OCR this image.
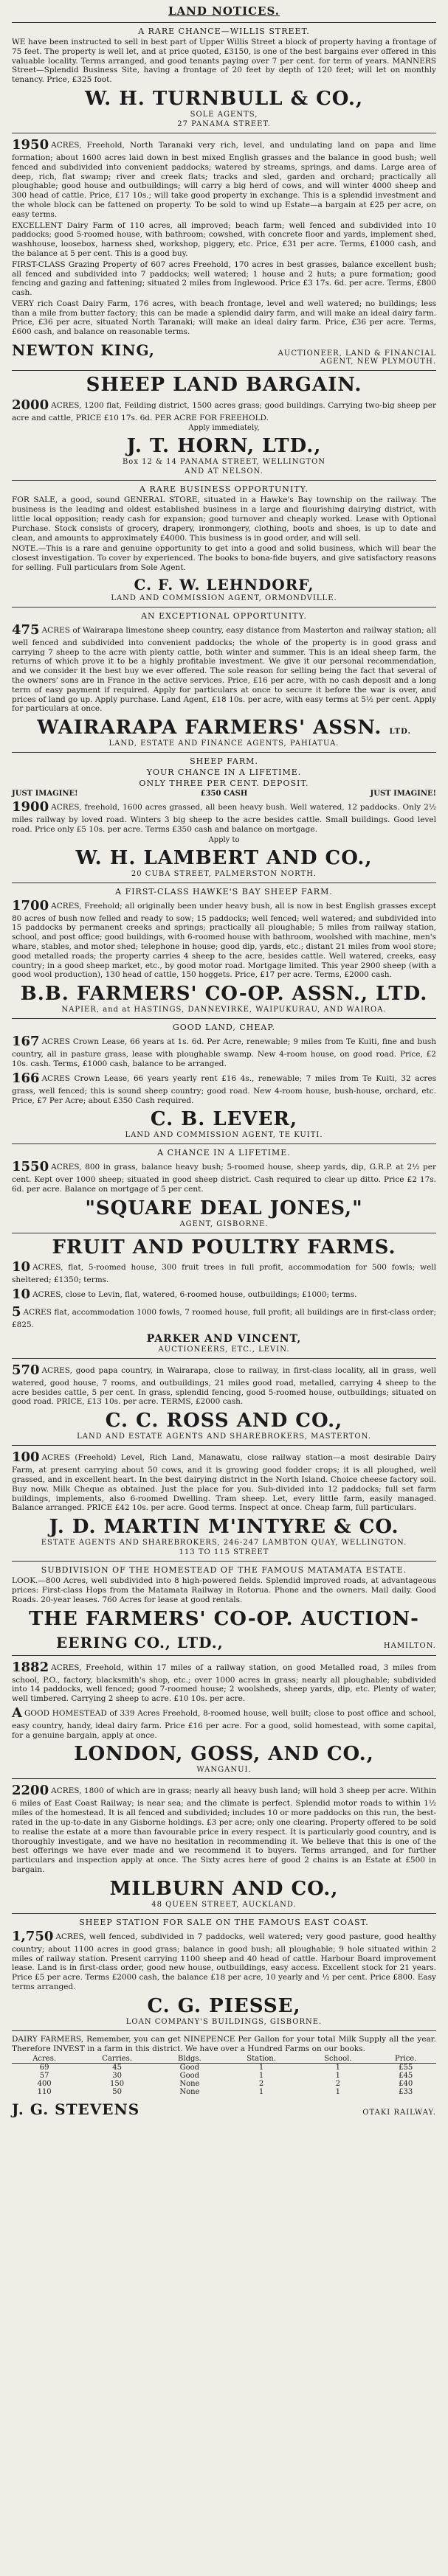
LAND NOTICES.
A RARE CHANCE—WILLIS STREET.
WE have been instructed to sell in best part of Upper Willis Street a block of property having a frontage of 75 feet. The property is well let, and at price quoted, £3150, is one of the best bargains ever offered in this valuable locality. Terms arranged, and good tenants paying over 7 per cent. for term of years. MANNERS Street—Splendid Business Site, having a frontage of 20 feet by depth of 120 feet; will let on monthly tenancy. Price, £325 foot.
W. H. TURNBULL & CO.,
SOLE AGENTS,
27 PANAMA STREET.
1950 ACRES, Freehold, North Taranaki very rich, level, and undulating land on papa and lime formation; about 1600 acres laid down in best mixed English grasses and the balance in good bush; well fenced and subdivided into convenient paddocks; watered by streams, springs, and dams. Large area of deep, rich, flat swamp; river and creek flats; tracks and sled, garden and orchard; practically all ploughable; good house and outbuildings; will carry a big herd of cows, and will winter 4000 sheep and 300 head of cattle. Price, £17 10s.; will take good property in exchange. This is a splendid investment and the whole block can be fattened on property. To be sold to wind up Estate—a bargain at £25 per acre, on easy terms.
EXCELLENT Dairy Farm of 110 acres, all improved; beach farm; well fenced and subdivided into 10 paddocks; good 5-roomed house, with bathroom; cowshed, with concrete floor and yards, implement shed, washhouse, loosebox, harness shed, workshop, piggery, etc. Price, £31 per acre. Terms, £1000 cash, and the balance at 5 per cent. This is a good buy.
FIRST-CLASS Grazing Property of 607 acres Freehold, 170 acres in best grasses, balance excellent bush; all fenced and subdivided into 7 paddocks; well watered; 1 house and 2 huts; a pure formation; good fencing and gazing and fattening; situated 2 miles from Inglewood. Price £3 17s. 6d. per acre. Terms, £800 cash.
VERY rich Coast Dairy Farm, 176 acres, with beach frontage, level and well watered; no buildings; less than a mile from butter factory; this can be made a splendid dairy farm, and will make an ideal dairy farm. Price, £36 per acre, situated North Taranaki; will make an ideal dairy farm. Price, £36 per acre. Terms, £600 cash, and balance on reasonable terms.
NEWTON KING,	AUCTIONEER, LAND & FINANCIAL
AGENT, NEW PLYMOUTH.
SHEEP LAND BARGAIN.
2000 ACRES, 1200 flat, Feilding district, 1500 acres grass; good buildings. Carrying two-big sheep per acre and cattle, PRICE £10 17s. 6d. PER ACRE FOR FREEHOLD.
Apply immediately,
J. T. HORN, LTD.,
Box 12 & 14 PANAMA STREET, WELLINGTON
AND AT NELSON.
A RARE BUSINESS OPPORTUNITY.
FOR SALE, a good, sound GENERAL STORE, situated in a Hawke's Bay township on the railway. The business is the leading and oldest established business in a large and flourishing dairying district, with little local opposition; ready cash for expansion; good turnover and cheaply worked. Lease with Optional Purchase. Stock consists of grocery, drapery, ironmongery, clothing, boots and shoes, is up to date and clean, and amounts to approximately £4000. This business is in good order, and will sell.
NOTE.—This is a rare and genuine opportunity to get into a good and solid business, which will bear the closest investigation. To cover by experienced. The books to bona-fide buyers, and give satisfactory reasons for selling. Full particulars from Sole Agent.
C. F. W. LEHNDORF,
LAND AND COMMISSION AGENT, ORMONDVILLE.
AN EXCEPTIONAL OPPORTUNITY.
475 ACRES of Wairarapa limestone sheep country, easy distance from Masterton and railway station; all well fenced and subdivided into convenient paddocks; the whole of the property is in good grass and carrying 7 sheep to the acre with plenty cattle, both winter and summer. This is an ideal sheep farm, the returns of which prove it to be a highly profitable investment. We give it our personal recommendation, and we consider it the best buy we ever offered. The sole reason for selling being the fact that several of the owners' sons are in France in the active services. Price, £16 per acre, with no cash deposit and a long term of easy payment if required. Apply for particulars at once to secure it before the war is over, and prices of land go up. Apply purchase. Land Agent, £18 10s. per acre, with easy terms at 5½ per cent. Apply for particulars at once.
WAIRARAPA FARMERS' ASSN. LTD.
LAND, ESTATE AND FINANCE AGENTS, PAHIATUA.
SHEEP FARM.
YOUR CHANCE IN A LIFETIME.
ONLY THREE PER CENT. DEPOSIT.
JUST IMAGINE!	£350 CASH	JUST IMAGINE!
1900 ACRES, freehold, 1600 acres grassed, all been heavy bush. Well watered, 12 paddocks. Only 2½ miles railway by loved road. Winters 3 big sheep to the acre besides cattle. Small buildings. Good level road. Price only £5 10s. per acre. Terms £350 cash and balance on mortgage.
Apply to
W. H. LAMBERT AND CO.,
20 CUBA STREET, PALMERSTON NORTH.
A FIRST-CLASS HAWKE'S BAY SHEEP FARM.
1700 ACRES, Freehold; all originally been under heavy bush, all is now in best English grasses except 80 acres of bush now felled and ready to sow; 15 paddocks; well fenced; well watered; and subdivided into 15 paddocks by permanent creeks and springs; practically all ploughable; 5 miles from railway station, school, and post office; good buildings, with 6-roomed house with bathroom, woolshed with machine, men's whare, stables, and motor shed; telephone in house; good dip, yards, etc.; distant 21 miles from wool store; good metalled roads; the property carries 4 sheep to the acre, besides cattle. Well watered, creeks, easy country; in a good sheep market, etc., by good motor road. Mortgage limited. This year 2900 sheep (with a good wool production), 130 head of cattle, 150 hoggets. Price, £17 per acre. Terms, £2000 cash.
B.B. FARMERS' CO-OP. ASSN., LTD.
NAPIER, and at HASTINGS, DANNEVIRKE, WAIPUKURAU, AND WAIROA.
GOOD LAND, CHEAP.
167 ACRES Crown Lease, 66 years at 1s. 6d. Per Acre, renewable; 9 miles from Te Kuiti, fine and bush country, all in pasture grass, lease with ploughable swamp. New 4-room house, on good road. Price, £2 10s. cash. Terms, £1000 cash, balance to be arranged.
166 ACRES Crown Lease, 66 years yearly rent £16 4s., renewable; 7 miles from Te Kuiti, 32 acres grass, well fenced; this is sound sheep country; good road. New 4-room house, bush-house, orchard, etc. Price, £7 Per Acre; about £350 Cash required.
C. B. LEVER,
LAND AND COMMISSION AGENT, TE KUITI.
A CHANCE IN A LIFETIME.
1550 ACRES, 800 in grass, balance heavy bush; 5-roomed house, sheep yards, dip, G.R.P. at 2½ per cent. Kept over 1000 sheep; situated in good sheep district. Cash required to clear up ditto. Price £2 17s. 6d. per acre. Balance on mortgage of 5 per cent.
"SQUARE DEAL JONES,"
AGENT, GISBORNE.
FRUIT AND POULTRY FARMS.
10 ACRES, flat, 5-roomed house, 300 fruit trees in full profit, accommodation for 500 fowls; well sheltered; £1350; terms.
10 ACRES, close to Levin, flat, watered, 6-roomed house, outbuildings; £1000; terms.
5 ACRES flat, accommodation 1000 fowls, 7 roomed house, full profit; all buildings are in first-class order; £825.
PARKER AND VINCENT,
AUCTIONEERS, ETC., LEVIN.
570 ACRES, good papa country, in Wairarapa, close to railway, in first-class locality, all in grass, well watered, good house, 7 rooms, and outbuildings, 21 miles good road, metalled, carrying 4 sheep to the acre besides cattle, 5 per cent. In grass, splendid fencing, good 5-roomed house, outbuildings; situated on good road. PRICE, £13 10s. per acre. TERMS, £2000 cash.
C. C. ROSS AND CO.,
LAND AND ESTATE AGENTS AND SHAREBROKERS, MASTERTON.
100 ACRES (Freehold) Level, Rich Land, Manawatu, close railway station—a most desirable Dairy Farm, at present carrying about 50 cows, and it is growing good fodder crops; it is all ploughed, well grassed, and in excellent heart. In the best dairying district in the North Island. Choice cheese factory soil. Buy now. Milk Cheque as obtained. Just the place for you. Sub-divided into 12 paddocks; full set farm buildings, implements, also 6-roomed Dwelling. Tram sheep. Let, every little farm, easily managed. Balance arranged. PRICE £42 10s. per acre. Good terms. Inspect at once. Cheap farm, full particulars.
J. D. MARTIN M'INTYRE & CO.
ESTATE AGENTS AND SHAREBROKERS, 246-247 LAMBTON QUAY, WELLINGTON.
113 TO 115 STREET
SUBDIVISION OF THE HOMESTEAD OF THE FAMOUS MATAMATA ESTATE.
LOOK.—800 Acres, well subdivided into 8 high-powered fields. Splendid improved roads, at advantageous prices: First-class Hops from the Matamata Railway in Rotorua. Phone and the owners. Mail daily. Good Roads. 20-year leases. 760 Acres for lease at good rentals.
THE FARMERS' CO-OP. AUCTION-
EERING CO., LTD.,	HAMILTON.
1882 ACRES, Freehold, within 17 miles of a railway station, on good Metalled road, 3 miles from school, P.O., factory, blacksmith's shop, etc.; over 1000 acres in grass; nearly all ploughable; subdivided into 14 paddocks, well fenced; good 7-roomed house; 2 woolsheds, sheep yards, dip, etc. Plenty of water, well timbered. Carrying 2 sheep to acre. £10 10s. per acre.
AGOOD HOMESTEAD of 339 Acres Freehold, 8-roomed house, well built; close to post office and school, easy country, handy, ideal dairy farm. Price £16 per acre. For a good, solid homestead, with some capital, for a genuine bargain, apply at once.
LONDON, GOSS, AND CO.,
WANGANUI.
2200 ACRES, 1800 of which are in grass; nearly all heavy bush land; will hold 3 sheep per acre. Within 6 miles of East Coast Railway; is near sea; and the climate is perfect. Splendid motor roads to within 1½ miles of the homestead. It is all fenced and subdivided; includes 10 or more paddocks on this run, the best-rated in the up-to-date in any Gisborne holdings. £3 per acre; only one clearing. Property offered to be sold to realise the estate at a more than favourable price in every respect. It is particularly good country, and is thoroughly investigate, and we have no hesitation in recommending it. We believe that this is one of the best offerings we have ever made and we recommend it to buyers. Terms arranged, and for further particulars and inspection apply at once. The Sixty acres here of good 2 chains is an Estate at £500 in bargain.
MILBURN AND CO.,
48 QUEEN STREET, AUCKLAND.
SHEEP STATION FOR SALE ON THE FAMOUS EAST COAST.
1,750 ACRES, well fenced, subdivided in 7 paddocks, well watered; very good pasture, good healthy country; about 1100 acres in good grass; balance in good bush; all ploughable; 9 hole situated within 2 miles of railway station. Present carrying 1100 sheep and 40 head of cattle. Harbour Board improvement lease. Land is in first-class order, good new house, outbuildings, easy access. Excellent stock for 21 years. Price £5 per acre. Terms £2000 cash, the balance £18 per acre, 10 yearly and ½ per cent. Price £800. Easy terms arranged.
C. G. PIESSE,
LOAN COMPANY'S BUILDINGS, GISBORNE.
DAIRY FARMERS, Remember, you can get NINEPENCE Per Gallon for your total Milk Supply all the year. Therefore INVEST in a farm in this district. We have over a Hundred Farms on our books.
Acres.	Carries.	Bldgs.	Station.	School.	Price.
69	45	Good	1	1	£55
57	30	Good	1	1	£45
400	150	None	2	2	£40
110	50	None	1	1	£33
J. G. STEVENS	OTAKI RAILWAY.
